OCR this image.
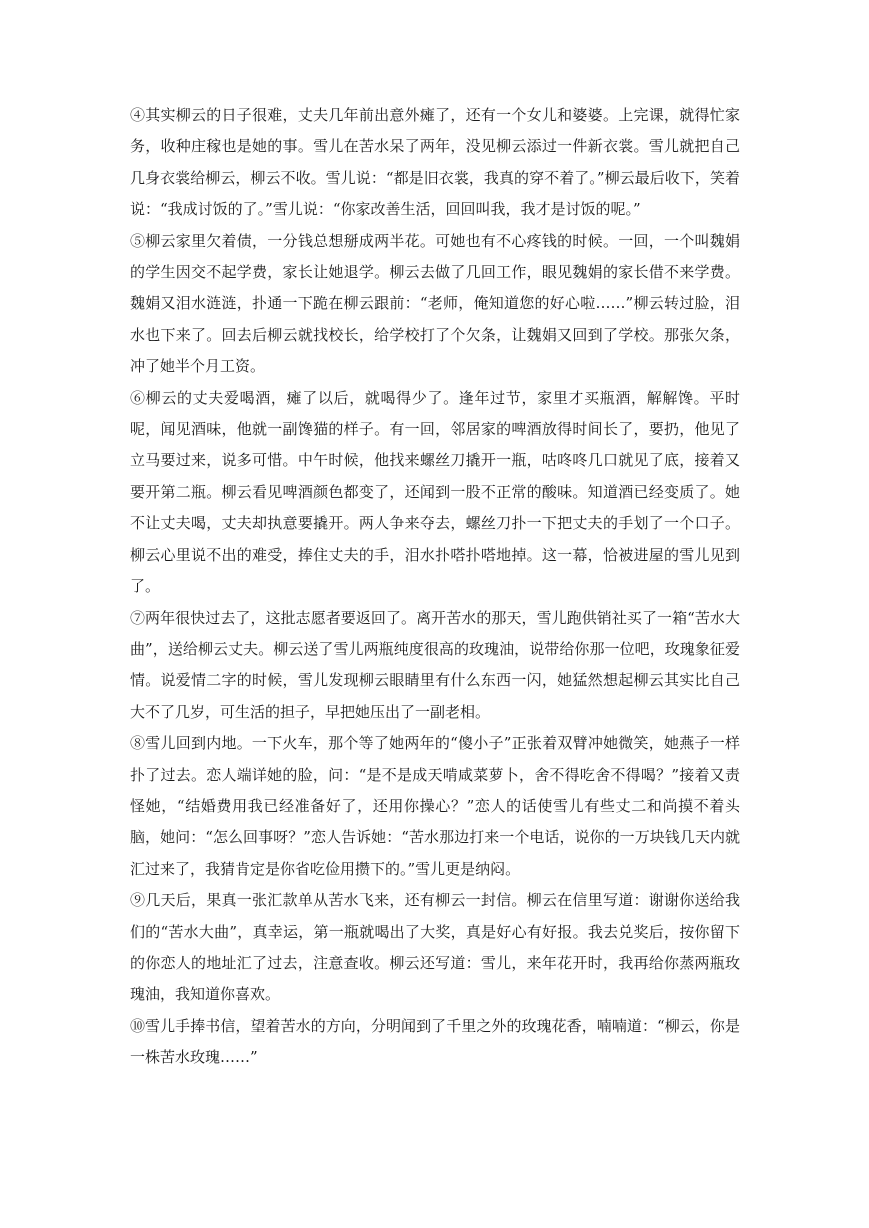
④其实柳云的日子很难，丈夫几年前出意外瘫了，还有一个女儿和婆婆。上完课，就得忙家务，收种庄稼也是她的事。雪儿在苦水呆了两年，没见柳云添过一件新衣裳。雪儿就把自己几身衣裳给柳云，柳云不收。雪儿说：“都是旧衣裳，我真的穿不着了。”柳云最后收下，笑着说：“我成讨饭的了。”雪儿说：“你家改善生活，回回叫我，我才是讨饭的呢。”

⑤柳云家里欠着债，一分钱总想掰成两半花。可她也有不心疼钱的时候。一回，一个叫魏娟的学生因交不起学费，家长让她退学。柳云去做了几回工作，眼见魏娟的家长借不来学费。魏娟又泪水涟涟，扑通一下跪在柳云跟前：“老师，俺知道您的好心啦……”柳云转过脸，泪水也下来了。回去后柳云就找校长，给学校打了个欠条，让魏娟又回到了学校。那张欠条，冲了她半个月工资。

⑥柳云的丈夫爱喝酒，瘫了以后，就喝得少了。逢年过节，家里才买瓶酒，解解馋。平时呢，闻见酒味，他就一副馋猫的样子。有一回，邻居家的啤酒放得时间长了，要扔，他见了立马要过来，说多可惜。中午时候，他找来螺丝刀撬开一瓶，咕咚咚几口就见了底，接着又要开第二瓶。柳云看见啤酒颜色都变了，还闻到一股不正常的酸味。知道酒已经变质了。她不让丈夫喝，丈夫却执意要撬开。两人争来夺去，螺丝刀扑一下把丈夫的手划了一个口子。柳云心里说不出的难受，捧住丈夫的手，泪水扑嗒扑嗒地掉。这一幕，恰被进屋的雪儿见到了。

⑦两年很快过去了，这批志愿者要返回了。离开苦水的那天，雪儿跑供销社买了一箱“苦水大曲”，送给柳云丈夫。柳云送了雪儿两瓶纯度很高的玫瑰油，说带给你那一位吧，玫瑰象征爱情。说爱情二字的时候，雪儿发现柳云眼睛里有什么东西一闪，她猛然想起柳云其实比自己大不了几岁，可生活的担子，早把她压出了一副老相。

⑧雪儿回到内地。一下火车，那个等了她两年的“傻小子”正张着双臂冲她微笑，她燕子一样扑了过去。恋人端详她的脸，问：“是不是成天啃咸菜萝卜，舍不得吃舍不得喝？”接着又责怪她，“结婚费用我已经准备好了，还用你操心？”恋人的话使雪儿有些丈二和尚摸不着头脑，她问：“怎么回事呀？”恋人告诉她：“苦水那边打来一个电话，说你的一万块钱几天内就汇过来了，我猜肯定是你省吃俭用攒下的。”雪儿更是纳闷。

⑨几天后，果真一张汇款单从苦水飞来，还有柳云一封信。柳云在信里写道：谢谢你送给我们的“苦水大曲”，真幸运，第一瓶就喝出了大奖，真是好心有好报。我去兑奖后，按你留下的你恋人的地址汇了过去，注意查收。柳云还写道：雪儿，来年花开时，我再给你蒸两瓶玫瑰油，我知道你喜欢。

⑩雪儿手捧书信，望着苦水的方向，分明闻到了千里之外的玫瑰花香，喃喃道：“柳云，你是一株苦水玫瑰……”
